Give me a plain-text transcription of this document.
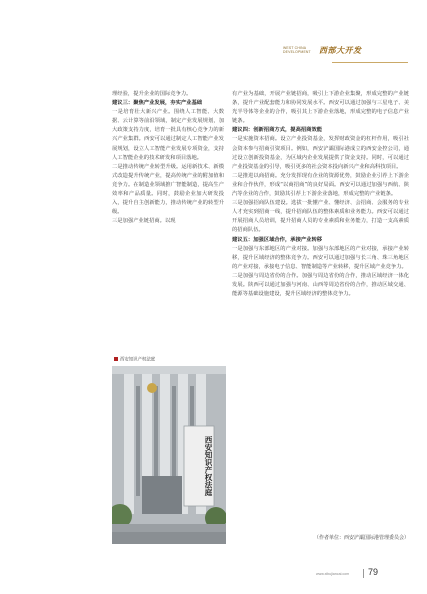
WEST CHINA
DEVELOPMENT 西部大开发

理经验，提升企业的国际竞争力。

建议三：聚焦产业发展，夯实产业基础

一是培育壮大新兴产业。围绕人工智能、大数据、云计算等前沿领域，制定产业发展规划，加大政策支持力度，培育一批具有核心竞争力的新兴产业集群。西安可以通过制定人工智能产业发展规划，设立人工智能产业发展专项资金，支持人工智能企业的技术研发和项目落地。

二是推动传统产业转型升级。运用新技术、新模式改造提升传统产业，提高传统产业的附加值和竞争力。在制造业领域推广智能制造，提高生产效率和产品质量。同时，鼓励企业加大研发投入，提升自主创新能力，推动传统产业的转型升级。

三是加强产业链招商。以现

西安知识产权法庭
西安知识产权法庭

有产业为基础，开展产业链招商，吸引上下游企业集聚，形成完整的产业链条，提升产业配套能力和协同发展水平。西安可以通过加强与三星电子、美光半导体等企业的合作，吸引其上下游企业落地，形成完整的电子信息产业链条。

建议四：创新招商方式，提高招商效能

一是实施资本招商。设立产业投资基金，发挥财政资金的杠杆作用，吸引社会资本参与招商引资项目。例如，西安浐灞国际港成立的西安金控公司，通过设立创新投资基金，为区域内企业发展提供了资金支持。同时，可以通过产业投资基金的引导，吸引更多的社会资本投向新兴产业和高科技项目。

二是推进以商招商。充分发挥现有企业的资源优势，鼓励企业引荐上下游企业和合作伙伴，形成“以商招商”的良好局面。西安可以通过加强与西航、陕汽等企业的合作，鼓励其引荐上下游企业落地，形成完整的产业链条。

三是加强招商队伍建设。选拔一批懂产业、懂经济、会招商、会服务的专业人才充实到招商一线，提升招商队伍的整体素质和业务能力。西安可以通过开展招商人员培训，提升招商人员的专业素质和业务能力，打造一支高素质的招商队伍。

建议五：加强区域合作，承接产业转移

一是加强与东部地区的产业对接。加强与东部地区的产业对接，承接产业转移，提升区域经济的整体竞争力。西安可以通过加强与长三角、珠三角地区的产业对接，承接电子信息、智能制造等产业转移，提升区域产业竞争力。

二是加强与周边省份的合作。加强与周边省份的合作，推动区域经济一体化发展。陕西可以通过加强与河南、山西等周边省份的合作，推动区域交通、能源等基础设施建设，提升区域经济的整体竞争力。

（作者单位：西安浐灞国际港管理委员会）
www.xibujiancai.com 79
